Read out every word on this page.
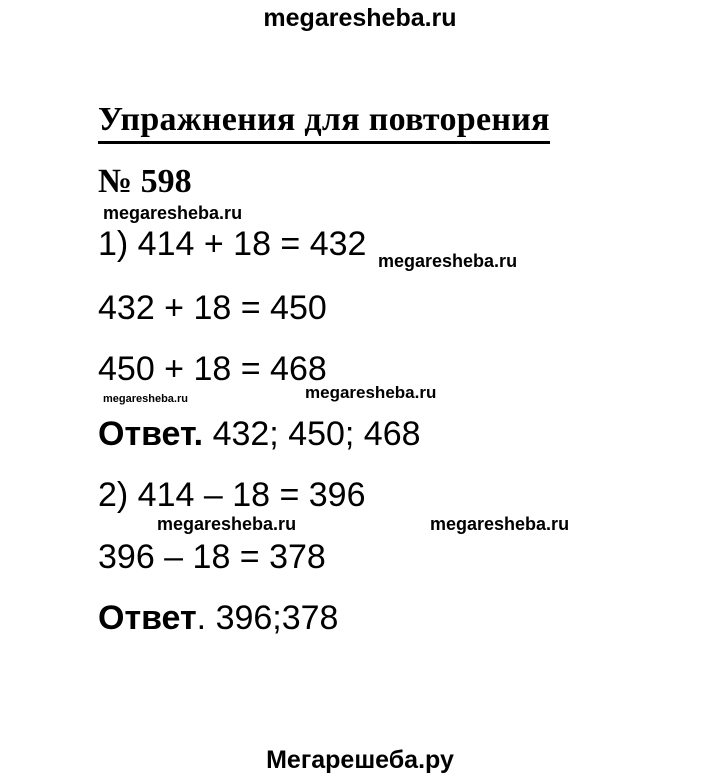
megaresheba.ru
Упражнения для повторения
№ 598
megaresheba.ru
1) 414 + 18 = 432 megaresheba.ru
432 + 18 = 450
450 + 18 = 468
megaresheba.ru	megaresheba.ru
Ответ. 432; 450; 468
2) 414 – 18 = 396
megaresheba.ru	megaresheba.ru
396 – 18 = 378
Ответ. 396;378
Мегарешеба.ру
